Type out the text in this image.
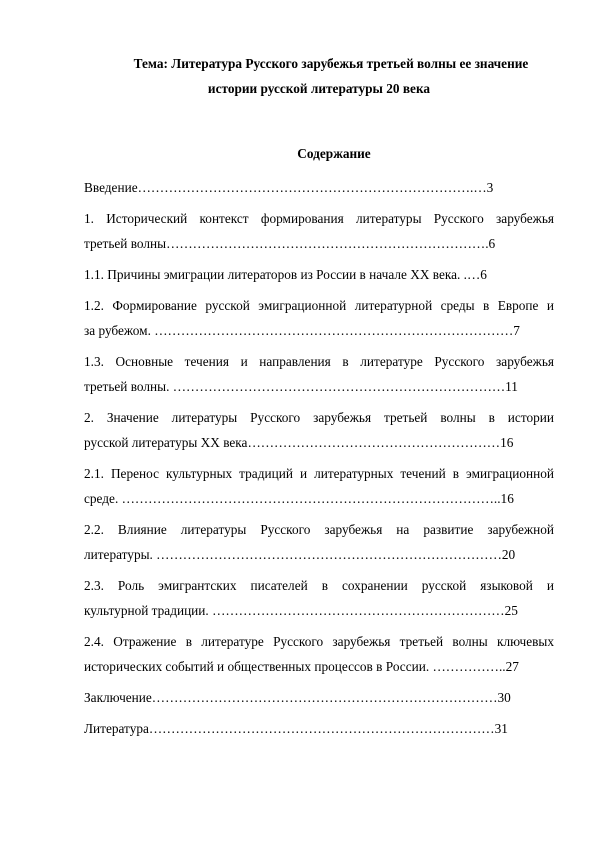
Тема: Литература Русского зарубежья третьей волны ее значение
истории русской литературы 20 века
Содержание
Введение………………………………………………………………….…3
1. Исторический контекст формирования литературы Русского зарубежья
третьей волны……………………………………………………………….6
1.1. Причины эмиграции литераторов из России в начале XX века. .…6
1.2. Формирование русской эмиграционной литературной среды в Европе и
за рубежом. ………………………………………………………………………7
1.3. Основные течения и направления в литературе Русского зарубежья
третьей волны. …………………………………………………………………11
2. Значение литературы Русского зарубежья третьей волны в истории
русской литературы XX века…………………………………………………16
2.1. Перенос культурных традиций и литературных течений в эмиграционной
среде. …………………………………………………………………………..16
2.2. Влияние литературы Русского зарубежья на развитие зарубежной
литературы. ……………………………………………………………………20
2.3. Роль эмигрантских писателей в сохранении русской языковой и
культурной традиции. …………………………………………………………25
2.4. Отражение в литературе Русского зарубежья третьей волны ключевых
исторических событий и общественных процессов в России. ……………..27
Заключение……………………………………………………………………30
Литература……………………………………………………………………31
